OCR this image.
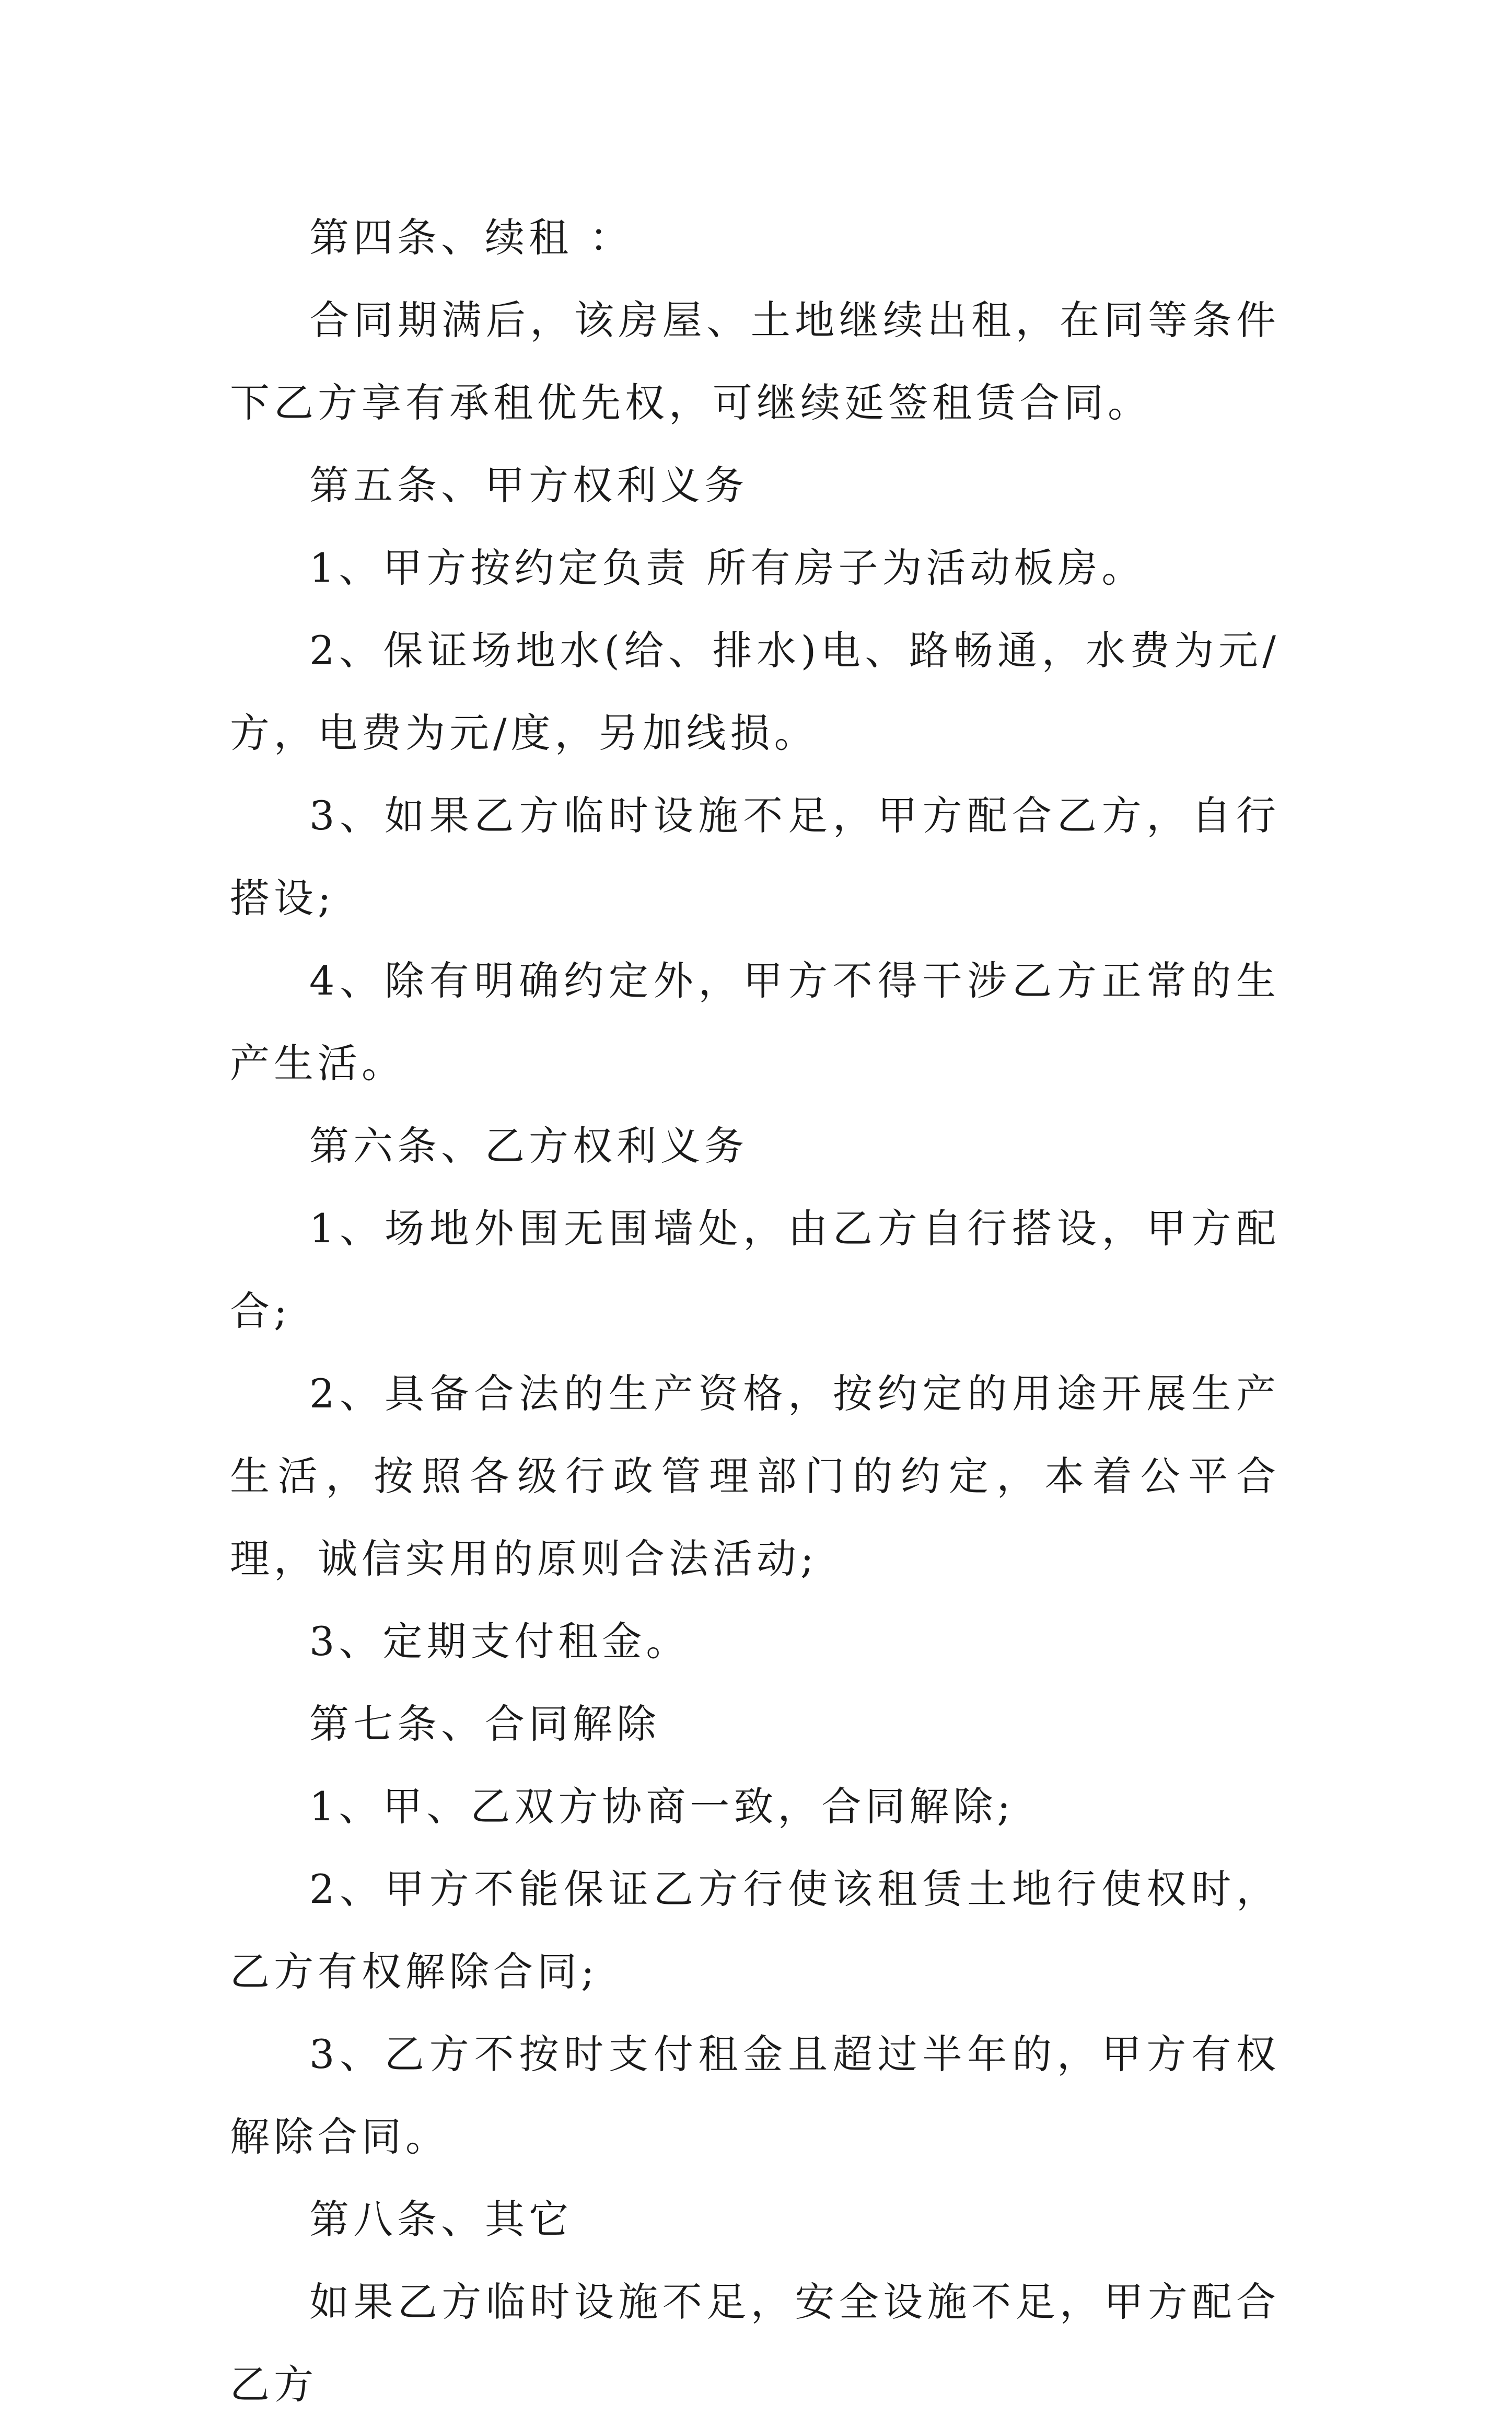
第四条、续租 ：

合同期满后，该房屋、土地继续出租，在同等条件下乙方享有承租优先权，可继续延签租赁合同。

第五条、甲方权利义务

1、甲方按约定负责 所有房子为活动板房。

2、保证场地水(给、排水)电、路畅通，水费为元/方，电费为元/度，另加线损。

3、如果乙方临时设施不足，甲方配合乙方，自行搭设;

4、除有明确约定外，甲方不得干涉乙方正常的生产生活。

第六条、乙方权利义务

1、场地外围无围墙处，由乙方自行搭设，甲方配合;

2、具备合法的生产资格，按约定的用途开展生产生活，按照各级行政管理部门的约定，本着公平合理，诚信实用的原则合法活动;

3、定期支付租金。

第七条、合同解除

1、甲、乙双方协商一致，合同解除;

2、甲方不能保证乙方行使该租赁土地行使权时，乙方有权解除合同;

3、乙方不按时支付租金且超过半年的，甲方有权解除合同。

第八条、其它

如果乙方临时设施不足，安全设施不足，甲方配合乙方
